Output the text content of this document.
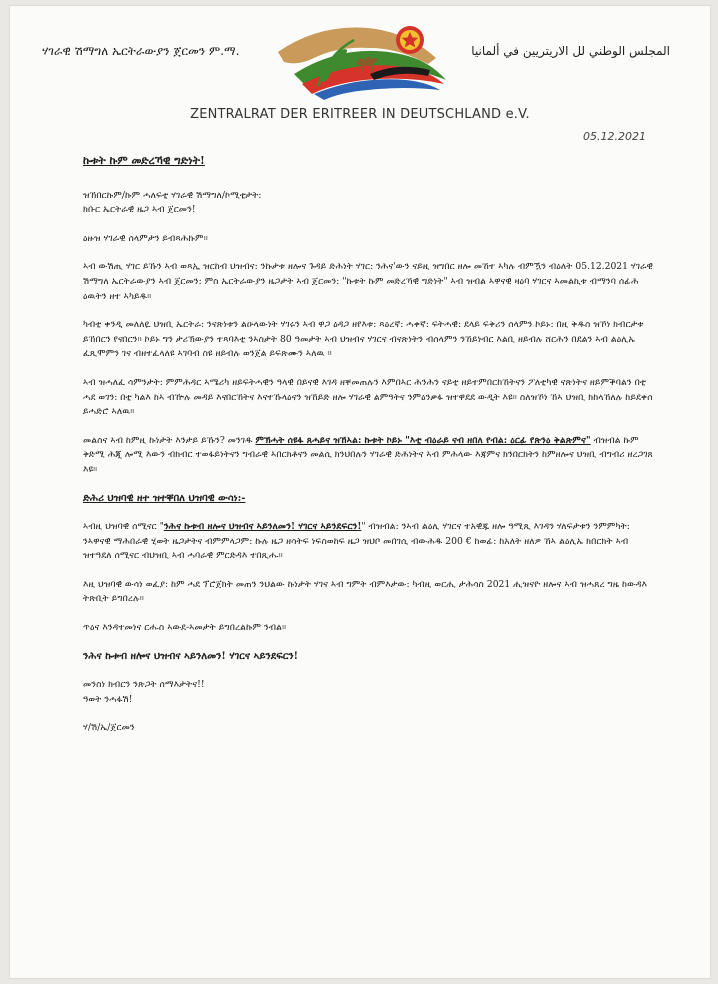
ሃገራዊ ሽማግለ ኤርትራውያን ጀርመን ም.ማ.	المجلس الوطني لل الاريتريين في ألمانيا
ZENTRALRAT DER ERITREER IN DEUTSCHLAND e.V.
05.12.2021

ኩቱት ኩም መድረኻዊ ግድነት!

ዝኸበርኩም/ኩም ሓለፍቲ ሃገራዊ ሽማግለ/ኮሚቲታት:

ክቡር ኤርትራዊ ዜጋ ኣብ ጀርመን!

ዕዙዝ ሃገራዊ ሰላምታን ይብጻሕኩም።

ኣብ ውሽጢ ሃገር ይኹን ኣብ ወጻኢ ዝርከብ ህዝብና: ንኩታቱ ዘሎና ጉዳይ ድሕነት ሃገር: ንሕና'ውን ናይዚ ዝግበር ዘሎ መኸተ ኣካሉ ብምዃን ብዕለት 05.12.2021 ሃገራዊ ሽማግለ ኤርትራውያን ኣብ ጀርመን: ምስ ኤርትራውያን ዜጋታት ኣብ ጀርመን: "ኩቱት ኩም መድረኻዊ ግድነት" ኣብ ዝብል ኣዋናዊ ዛዕባ ሃገርና ኣመልኪቱ ብማንባ ሰፊሕ ዕዉትን ዘተ ኣካይዱ።

ካብቲ ቀንዲ መለለዪ ህዝቢ ኤርትራ: ንናጽነቱን ልዑላውነት ሃገሩን ኣብ ዋጋ ዕዳጋ ዘየእቱ: ጻዕረኛ: ሓቀኛ: ፍትሓዊ: ደላይ ፍቅሪን ሰላምን ኮይኑ: በዚ ቅዱስ ዝኾነ ክብርታቱ ይኸበርን የናበርን። ኮይኑ ግን ታሪኽውያን ተጻባእቲ ንኣስታት 80 ዓመታት ኣብ ህዝብና ሃገርና ብናጽነትን ብሰላምን ንኸይነብር እልቢ ዘይብሉ ሸርሕን በደልን ኣብ ልዕሊኡ ፈጺሞምን ገና ብዘተፈላለዩ ኣገባብ ስዩ ዘይብሉ ወንጀል ይፍጽሙን ኣለዉ ።

ኣብ ዝሓለፈ ሳምንታት: ምምሕዳር ኣሜሪካ ዘይፍትሓዊን ዓላዊ በይናዊ እገዳ ዘቐመጠሉን እምበኣር ሕንሕን ናይቲ ዘይተምበርከኸትናን ፖለቲካዊ ናጽነትና ዘይምቕባልን በቲ ሓደ ወገን: በቲ ካልእ ከኣ ብዅሉ መዳይ እናበርኸትና እናተኹላዕናን ዝኸይድ ዘሎ ሃገራዊ ልምዓትና ንምዕንቃፋ ዝተዋደደ ውዲት እዩ። ስለዝኾነ ኸኣ ህዝቢ ክከላኸለሉ ከይደቀሰ ይሓድሮ ኣለዉ።

መልስና ኣብ ከምዚ ኩነታት እንታይ ይኹን? መንገዱ ምኽሓት ሰዩፋ ጸሓይና ዝኸኣል: ኩቱት ኮይኑ "እቲ ብዕራይ ናብ ዘበለ የብል: ዕርፊ የጽንዕ ቅልጽምና" ብዝብል ኩም ቅድሚ ሕጂ ሎሚ እውን ብክብር ተወፋይነትናን ግብራዊ ኣበርክቶናን መልሲ ክንህበሉን ሃገራዊ ድሕነትና ኣብ ምሕላው እጃምና ክንበርክትን ከምዘሎና ህዝቢ ብግብሪ ዘረጋገጸ እዩ።

ድሕሪ ህዝባዊ ዘተ ዝተቐበለ ህዝባዊ ውሳነ:-

ኣብዚ ህዝባዊ ሰሚናር "ንሕና ኩቱብ ዘሎና ህዝብና ኣይንለመን! ሃገርና ኣይንደፍርን!" ብዝብል: ንኣብ ልዕሊ ሃገርና ተአዊጁ ዘሎ ዓሚጺ እገዳን ሃለፍታቱን ንምምካት: ንኣዋናዊ ማሕበራዊ ሂወት ዜጋታትና ብምምላጋም: ኩሉ ዜጋ ዘሳትፍ ነፍስወከፍ ዜጋ ዝህቦ መበገሲ ብውሕዱ 200 € ከወፊ: ከአለት ዘለዎ ኸኣ ልዕሊኡ ክበርክት ኣብ ዝተዓደለ ሰሚናር ብህዝቢ ኣብ ሓባራዊ ምርድዳእ ተበጺሑ።

እዚ ህዝባዊ ውሳነ ወፈያ: ከም ሓደ ፕሮጀክት መጠን ንህልው ኩነታት ሃገና ኣብ ግምት ብምእታው: ካብዚ ወርሒ ታሕሳስ 2021 ሒዝናዮ ዘሎና ኣብ ዝሓጸረ ግዜ ከውዳእ ትጽቢት ይግበረሉ።

ጥዕና እንዳተመነና ርሑስ ኣውደ-ኣመታት ይግበረልኩም ንብል።

ንሕና ኩቱብ ዘሎና ህዝብና ኣይንለመን! ሃገርና ኣይንደፍርን!

መንስነ ክብርን ንጽጋት ሰማእታትና!!

ዓወት ንሓፋሽ!

ሃ/ሽ/ኤ/ጀርመን
